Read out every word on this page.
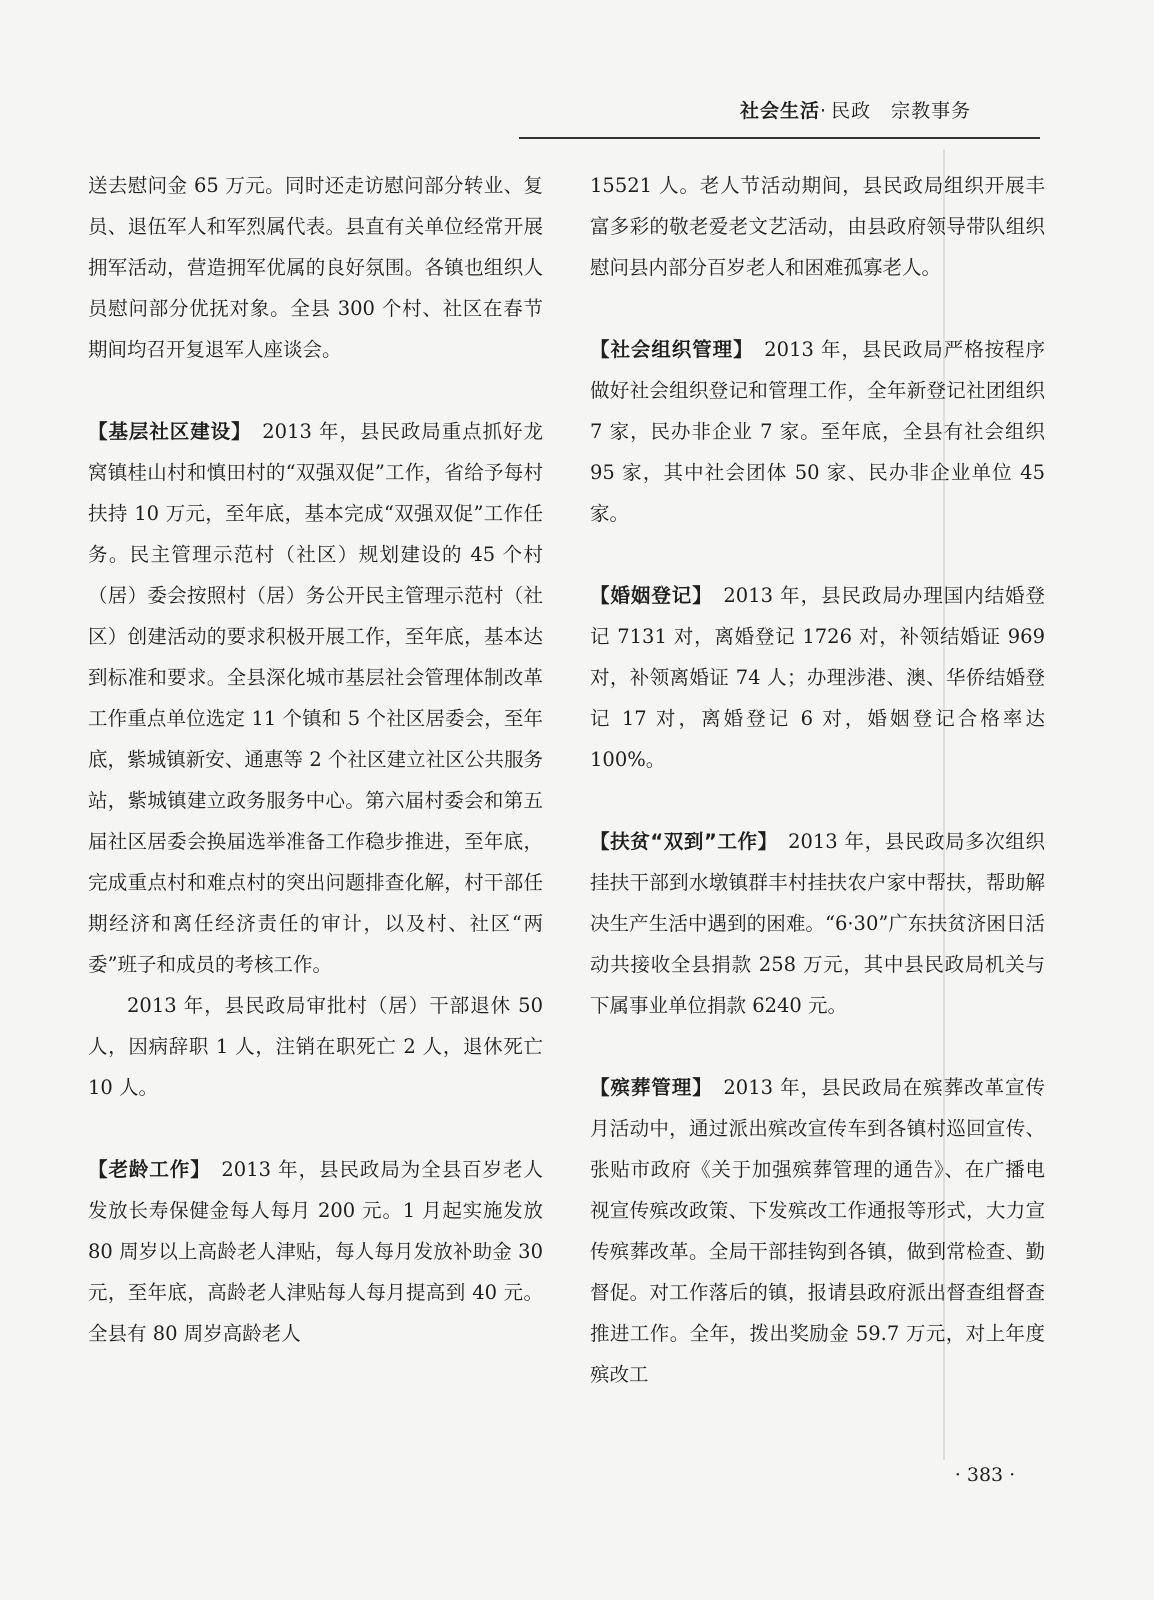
社会生活· 民政　宗教事务

送去慰问金 65 万元。同时还走访慰问部分转业、复员、退伍军人和军烈属代表。县直有关单位经常开展拥军活动，营造拥军优属的良好氛围。各镇也组织人员慰问部分优抚对象。全县 300 个村、社区在春节期间均召开复退军人座谈会。

【基层社区建设】　 2013 年，县民政局重点抓好龙窝镇桂山村和慎田村的“双强双促”工作，省给予每村扶持 10 万元，至年底，基本完成“双强双促”工作任务。民主管理示范村（社区）规划建设的 45 个村（居）委会按照村（居）务公开民主管理示范村（社区）创建活动的要求积极开展工作，至年底，基本达到标准和要求。全县深化城市基层社会管理体制改革工作重点单位选定 11 个镇和 5 个社区居委会，至年底，紫城镇新安、通惠等 2 个社区建立社区公共服务站，紫城镇建立政务服务中心。第六届村委会和第五届社区居委会换届选举准备工作稳步推进，至年底，完成重点村和难点村的突出问题排查化解，村干部任期经济和离任经济责任的审计，以及村、社区“两委”班子和成员的考核工作。

2013 年，县民政局审批村（居）干部退休 50 人，因病辞职 1 人，注销在职死亡 2 人，退休死亡 10 人。

【老龄工作】　 2013 年，县民政局为全县百岁老人发放长寿保健金每人每月 200 元。1 月起实施发放 80 周岁以上高龄老人津贴，每人每月发放补助金 30 元，至年底，高龄老人津贴每人每月提高到 40 元。全县有 80 周岁高龄老人

15521 人。老人节活动期间，县民政局组织开展丰富多彩的敬老爱老文艺活动，由县政府领导带队组织慰问县内部分百岁老人和困难孤寡老人。

【社会组织管理】　 2013 年，县民政局严格按程序做好社会组织登记和管理工作，全年新登记社团组织 7 家，民办非企业 7 家。至年底，全县有社会组织 95 家，其中社会团体 50 家、民办非企业单位 45 家。

【婚姻登记】　 2013 年，县民政局办理国内结婚登记 7131 对，离婚登记 1726 对，补领结婚证 969 对，补领离婚证 74 人；办理涉港、澳、华侨结婚登记 17 对，离婚登记 6 对，婚姻登记合格率达 100%。

【扶贫“双到”工作】　 2013 年，县民政局多次组织挂扶干部到水墩镇群丰村挂扶农户家中帮扶，帮助解决生产生活中遇到的困难。“6·30”广东扶贫济困日活动共接收全县捐款 258 万元，其中县民政局机关与下属事业单位捐款 6240 元。

【殡葬管理】　 2013 年，县民政局在殡葬改革宣传月活动中，通过派出殡改宣传车到各镇村巡回宣传、张贴市政府《关于加强殡葬管理的通告》、在广播电视宣传殡改政策、下发殡改工作通报等形式，大力宣传殡葬改革。全局干部挂钩到各镇，做到常检查、勤督促。对工作落后的镇，报请县政府派出督查组督查推进工作。全年，拨出奖励金 59.7 万元，对上年度殡改工

· 383 ·
